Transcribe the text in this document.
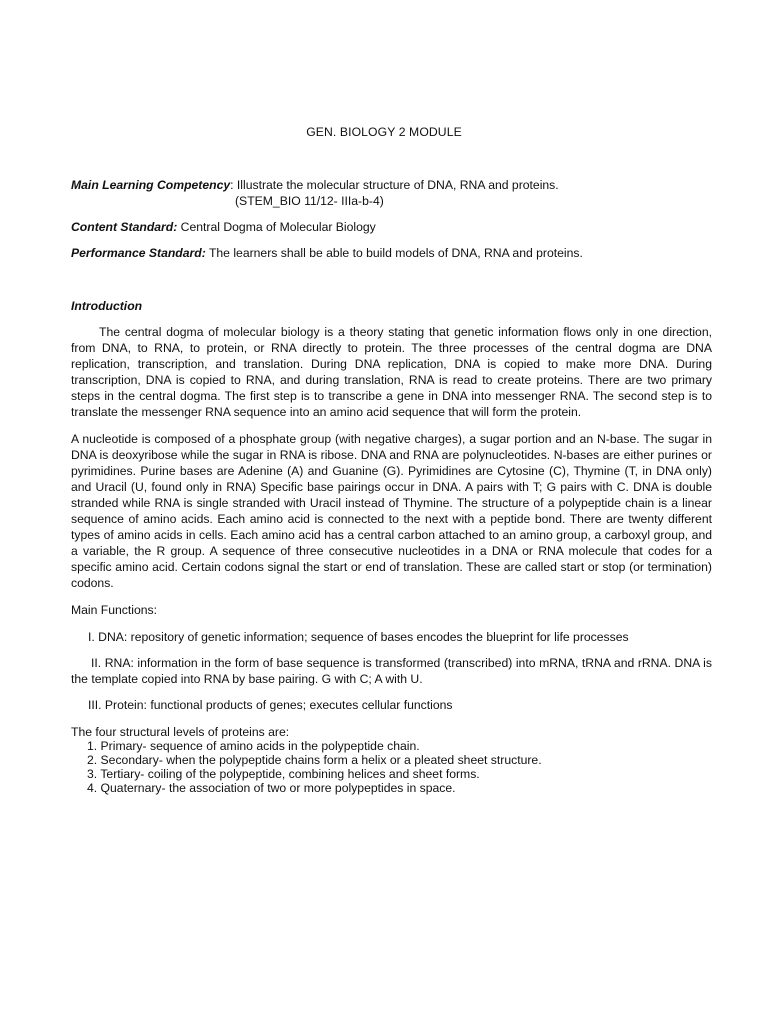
GEN. BIOLOGY 2 MODULE
Main Learning Competency: Illustrate the molecular structure of DNA, RNA and proteins.
(STEM_BIO 11/12- IIIa-b-4)
Content Standard: Central Dogma of Molecular Biology
Performance Standard: The learners shall be able to build models of DNA, RNA and proteins.
Introduction
The central dogma of molecular biology is a theory stating that genetic information flows only in one direction, from DNA, to RNA, to protein, or RNA directly to protein. The three processes of the central dogma are DNA replication, transcription, and translation. During DNA replication, DNA is copied to make more DNA. During transcription, DNA is copied to RNA, and during translation, RNA is read to create proteins. There are two primary steps in the central dogma. The first step is to transcribe a gene in DNA into messenger RNA. The second step is to translate the messenger RNA sequence into an amino acid sequence that will form the protein.
A nucleotide is composed of a phosphate group (with negative charges), a sugar portion and an N-base. The sugar in DNA is deoxyribose while the sugar in RNA is ribose. DNA and RNA are polynucleotides. N-bases are either purines or pyrimidines. Purine bases are Adenine (A) and Guanine (G). Pyrimidines are Cytosine (C), Thymine (T, in DNA only) and Uracil (U, found only in RNA) Specific base pairings occur in DNA. A pairs with T; G pairs with C. DNA is double stranded while RNA is single stranded with Uracil instead of Thymine. The structure of a polypeptide chain is a linear sequence of amino acids. Each amino acid is connected to the next with a peptide bond. There are twenty different types of amino acids in cells. Each amino acid has a central carbon attached to an amino group, a carboxyl group, and a variable, the R group. A sequence of three consecutive nucleotides in a DNA or RNA molecule that codes for a specific amino acid. Certain codons signal the start or end of translation. These are called start or stop (or termination) codons.
Main Functions:
I. DNA: repository of genetic information; sequence of bases encodes the blueprint for life processes
II. RNA: information in the form of base sequence is transformed (transcribed) into mRNA, tRNA and rRNA. DNA is the template copied into RNA by base pairing. G with C; A with U.
III. Protein: functional products of genes; executes cellular functions
The four structural levels of proteins are:
1. Primary- sequence of amino acids in the polypeptide chain.
2. Secondary- when the polypeptide chains form a helix or a pleated sheet structure.
3. Tertiary- coiling of the polypeptide, combining helices and sheet forms.
4. Quaternary- the association of two or more polypeptides in space.
